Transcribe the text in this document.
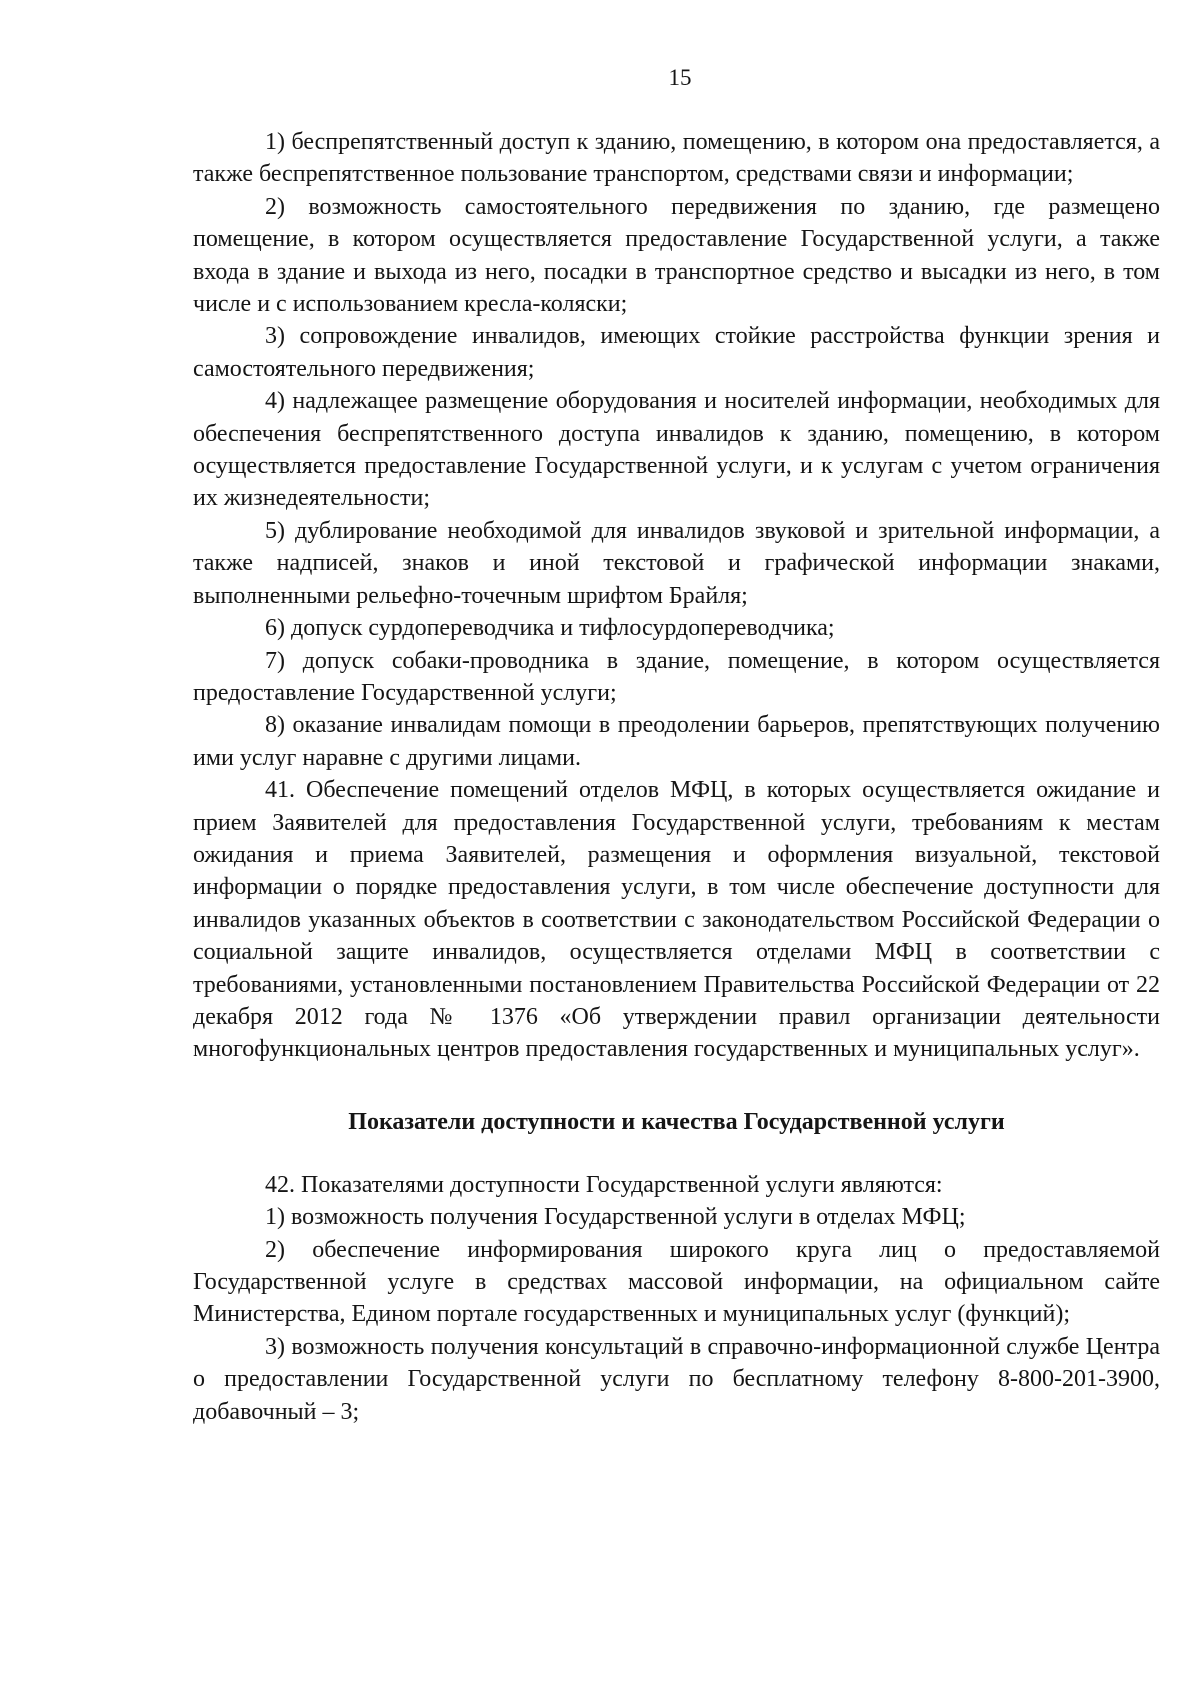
15

1) беспрепятственный доступ к зданию, помещению, в котором она предоставляется, а также беспрепятственное пользование транспортом, средствами связи и информации;

2) возможность самостоятельного передвижения по зданию, где размещено помещение, в котором осуществляется предоставление Государственной услуги, а также входа в здание и выхода из него, посадки в транспортное средство и высадки из него, в том числе и с использованием кресла-коляски;

3) сопровождение инвалидов, имеющих стойкие расстройства функции зрения и самостоятельного передвижения;

4) надлежащее размещение оборудования и носителей информации, необходимых для обеспечения беспрепятственного доступа инвалидов к зданию, помещению, в котором осуществляется предоставление Государственной услуги, и к услугам с учетом ограничения их жизнедеятельности;

5) дублирование необходимой для инвалидов звуковой и зрительной информации, а также надписей, знаков и иной текстовой и графической информации знаками, выполненными рельефно-точечным шрифтом Брайля;

6) допуск сурдопереводчика и тифлосурдопереводчика;

7) допуск собаки-проводника в здание, помещение, в котором осуществляется предоставление Государственной услуги;

8) оказание инвалидам помощи в преодолении барьеров, препятствующих получению ими услуг наравне с другими лицами.

41. Обеспечение помещений отделов МФЦ, в которых осуществляется ожидание и прием Заявителей для предоставления Государственной услуги, требованиям к местам ожидания и приема Заявителей, размещения и оформления визуальной, текстовой информации о порядке предоставления услуги, в том числе обеспечение доступности для инвалидов указанных объектов в соответствии с законодательством Российской Федерации о социальной защите инвалидов, осуществляется отделами МФЦ в соответствии с требованиями, установленными постановлением Правительства Российской Федерации от 22 декабря 2012 года № 1376 «Об утверждении правил организации деятельности многофункциональных центров предоставления государственных и муниципальных услуг».

Показатели доступности и качества Государственной услуги

42. Показателями доступности Государственной услуги являются:

1) возможность получения Государственной услуги в отделах МФЦ;

2) обеспечение информирования широкого круга лиц о предоставляемой Государственной услуге в средствах массовой информации, на официальном сайте Министерства, Едином портале государственных и муниципальных услуг (функций);

3) возможность получения консультаций в справочно-информационной службе Центра о предоставлении Государственной услуги по бесплатному телефону 8-800-201-3900, добавочный – 3;
